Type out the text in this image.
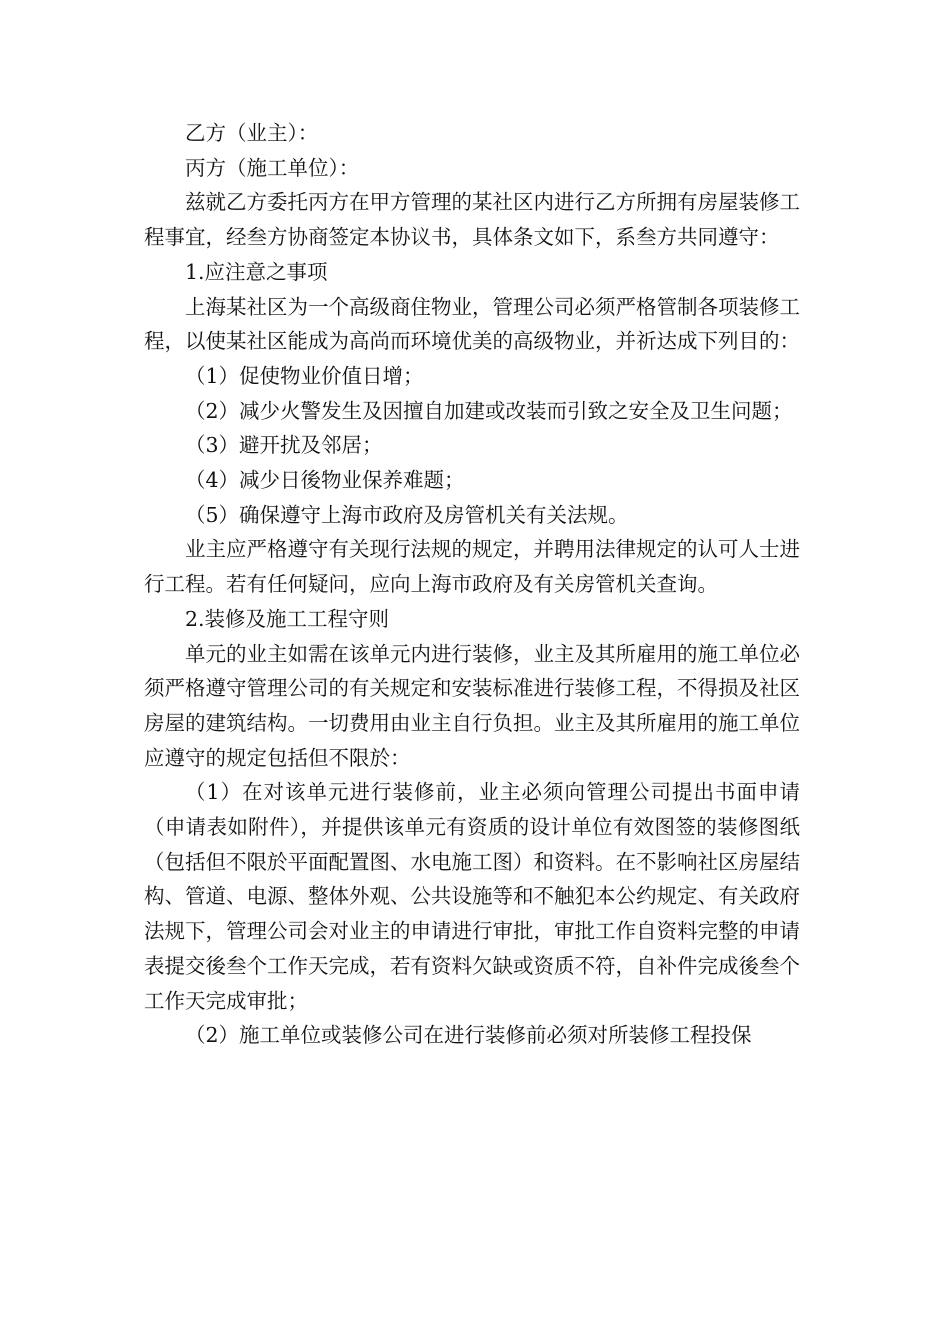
乙方（业主）：

丙方（施工单位）：

兹就乙方委托丙方在甲方管理的某社区内进行乙方所拥有房屋装修工程事宜，经叁方协商签定本协议书，具体条文如下，系叁方共同遵守：

1.应注意之事项

上海某社区为一个高级商住物业，管理公司必须严格管制各项装修工程，以使某社区能成为高尚而环境优美的高级物业，并祈达成下列目的：

（1）促使物业价值日增；

（2）减少火警发生及因擅自加建或改装而引致之安全及卫生问题；

（3）避开扰及邻居；

（4）减少日後物业保养难题；

（5）确保遵守上海市政府及房管机关有关法规。

业主应严格遵守有关现行法规的规定，并聘用法律规定的认可人士进行工程。若有任何疑问，应向上海市政府及有关房管机关查询。

2.装修及施工工程守则

单元的业主如需在该单元内进行装修，业主及其所雇用的施工单位必须严格遵守管理公司的有关规定和安装标准进行装修工程，不得损及社区房屋的建筑结构。一切费用由业主自行负担。业主及其所雇用的施工单位应遵守的规定包括但不限於：

（1）在对该单元进行装修前，业主必须向管理公司提出书面申请（申请表如附件），并提供该单元有资质的设计单位有效图签的装修图纸（包括但不限於平面配置图、水电施工图）和资料。在不影响社区房屋结构、管道、电源、整体外观、公共设施等和不触犯本公约规定、有关政府法规下，管理公司会对业主的申请进行审批，审批工作自资料完整的申请表提交後叁个工作天完成，若有资料欠缺或资质不符，自补件完成後叁个工作天完成审批；

（2）施工单位或装修公司在进行装修前必须对所装修工程投保
